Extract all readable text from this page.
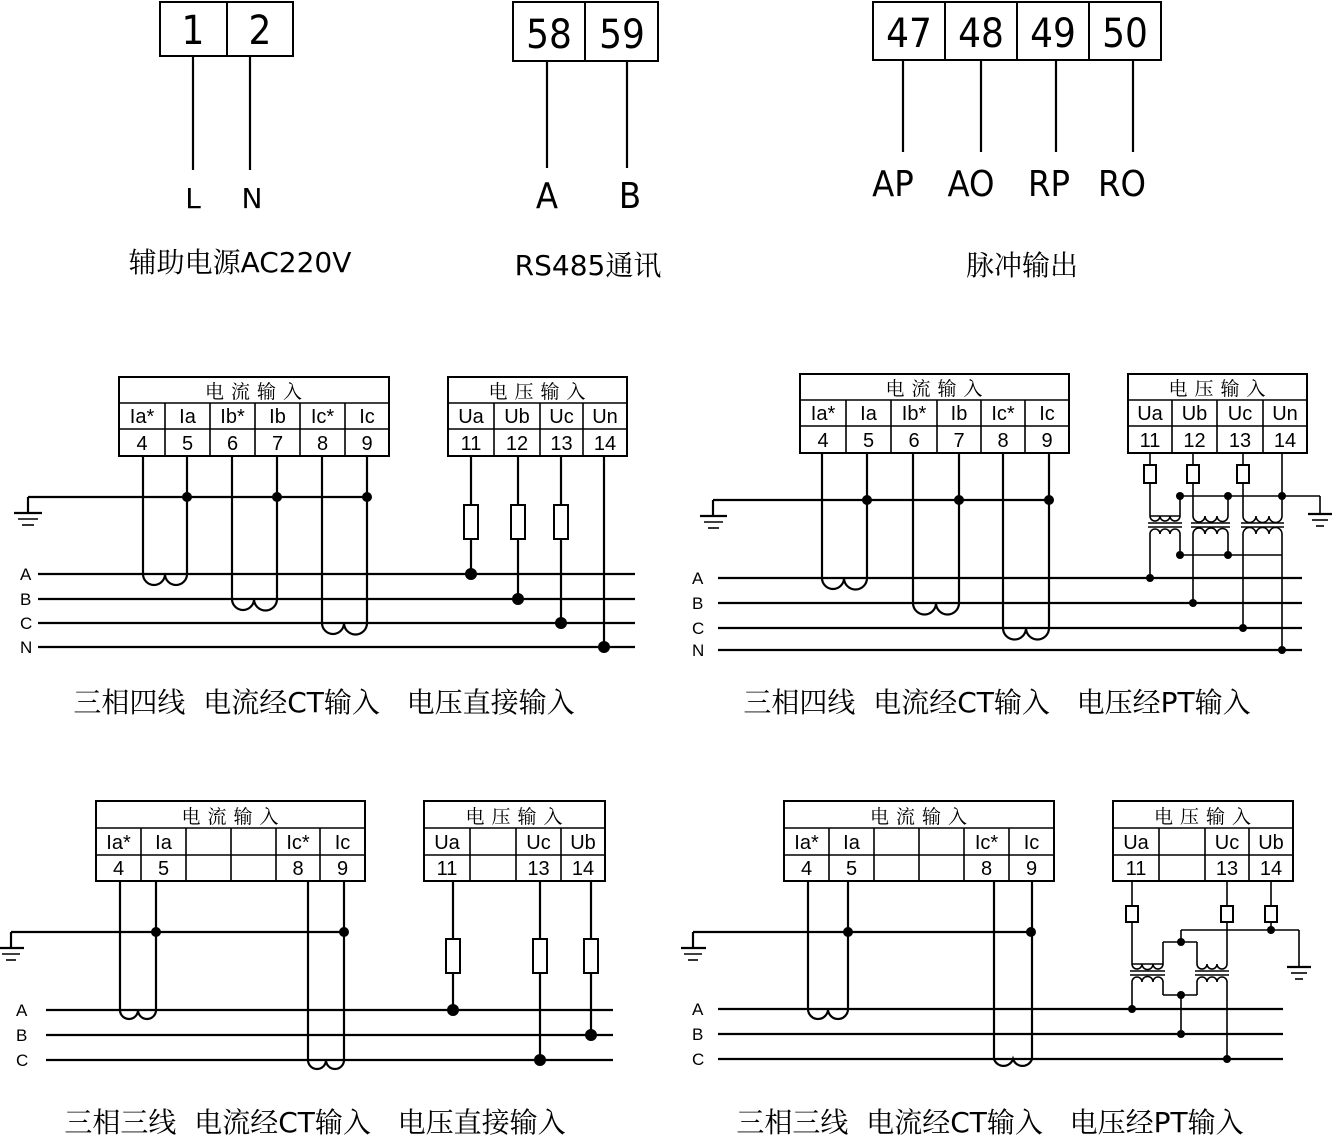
1 2
L N
辅助电源AC220V
58 59
A B
RS485通讯
47 48 49 50
AP AO RP RO
脉冲输出
电流输入
Ia*
4
Ia
5
Ib*
6
Ib
7
Ic*
8
Ic
9
电压输入
Ua
11
Ub
12
Uc
13
Un
14
A
B
C
N
三相四线  电流经CT输入   电压直接输入
电流输入
Ia*
4
Ia
5
Ib*
6
Ib
7
Ic*
8
Ic
9
电压输入
Ua
11
Ub
12
Uc
13
Un
14
A
B
C
N
三相四线  电流经CT输入   电压经PT输入
电流输入
Ia*
4
Ia
5
Ic*
8
Ic
9
电压输入
Ua
11
Uc
13
Ub
14
A
B
C
三相三线  电流经CT输入   电压直接输入
电流输入
Ia*
4
Ia
5
Ic*
8
Ic
9
电压输入
Ua
11
Uc
13
Ub
14
A
B
C
三相三线  电流经CT输入   电压经PT输入
